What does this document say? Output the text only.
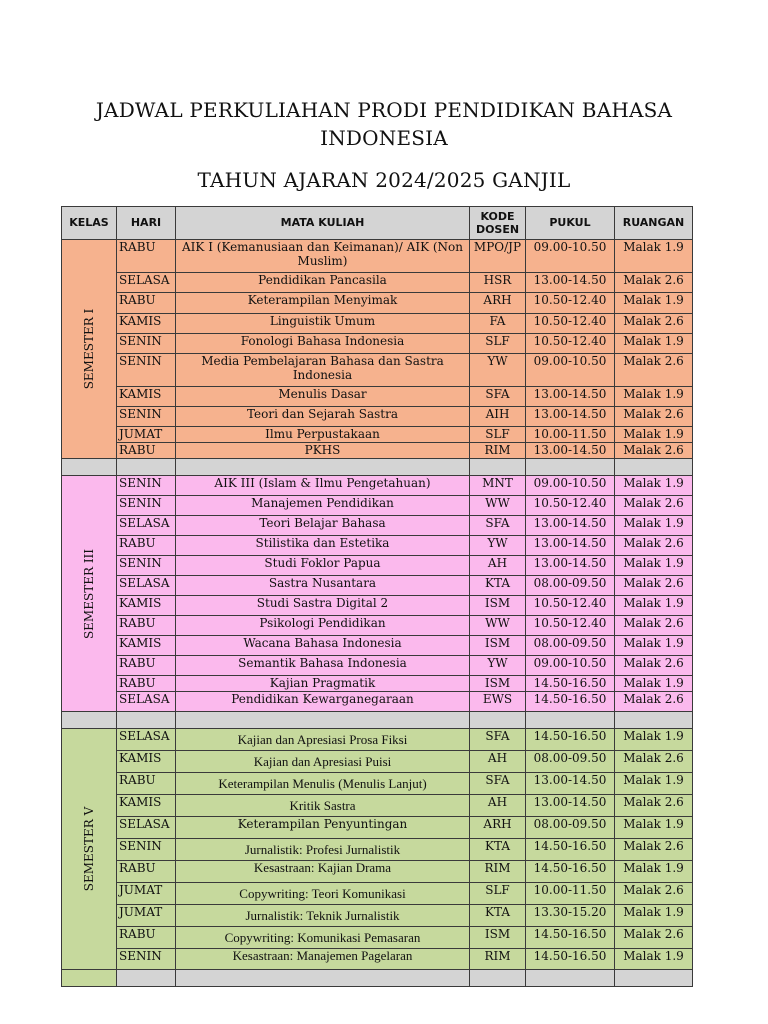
JADWAL PERKULIAHAN PRODI PENDIDIKAN BAHASA
INDONESIA
TAHUN AJARAN 2024/2025 GANJIL
KELAS	HARI	MATA KULIAH	KODE DOSEN	PUKUL	RUANGAN

SEMESTER I	RABU	AIK I (Kemanusiaan dan Keimanan)/ AIK (Non Muslim)	MPO/JP	09.00-10.50	Malak 1.9
	SELASA	Pendidikan Pancasila	HSR	13.00-14.50	Malak 2.6
	RABU	Keterampilan Menyimak	ARH	10.50-12.40	Malak 1.9
	KAMIS	Linguistik Umum	FA	10.50-12.40	Malak 2.6
	SENIN	Fonologi Bahasa Indonesia	SLF	10.50-12.40	Malak 1.9
	SENIN	Media Pembelajaran Bahasa dan Sastra Indonesia	YW	09.00-10.50	Malak 2.6
	KAMIS	Menulis Dasar	SFA	13.00-14.50	Malak 1.9
	SENIN	Teori dan Sejarah Sastra	AIH	13.00-14.50	Malak 2.6
	JUMAT	Ilmu Perpustakaan	SLF	10.00-11.50	Malak 1.9
	RABU	PKHS	RIM	13.00-14.50	Malak 2.6

SEMESTER III	SENIN	AIK III (Islam & Ilmu Pengetahuan)	MNT	09.00-10.50	Malak 1.9
	SENIN	Manajemen Pendidikan	WW	10.50-12.40	Malak 2.6
	SELASA	Teori Belajar Bahasa	SFA	13.00-14.50	Malak 1.9
	RABU	Stilistika dan Estetika	YW	13.00-14.50	Malak 2.6
	SENIN	Studi Foklor Papua	AH	13.00-14.50	Malak 1.9
	SELASA	Sastra Nusantara	KTA	08.00-09.50	Malak 2.6
	KAMIS	Studi Sastra Digital 2	ISM	10.50-12.40	Malak 1.9
	RABU	Psikologi Pendidikan	WW	10.50-12.40	Malak 2.6
	KAMIS	Wacana Bahasa Indonesia	ISM	08.00-09.50	Malak 1.9
	RABU	Semantik Bahasa Indonesia	YW	09.00-10.50	Malak 2.6
	RABU	Kajian Pragmatik	ISM	14.50-16.50	Malak 1.9
	SELASA	Pendidikan Kewarganegaraan	EWS	14.50-16.50	Malak 2.6

SEMESTER V	SELASA	Kajian dan Apresiasi Prosa Fiksi	SFA	14.50-16.50	Malak 1.9
	KAMIS	Kajian dan Apresiasi Puisi	AH	08.00-09.50	Malak 2.6
	RABU	Keterampilan Menulis (Menulis Lanjut)	SFA	13.00-14.50	Malak 1.9
	KAMIS	Kritik Sastra	AH	13.00-14.50	Malak 2.6
	SELASA	Keterampilan Penyuntingan	ARH	08.00-09.50	Malak 1.9
	SENIN	Jurnalistik: Profesi Jurnalistik	KTA	14.50-16.50	Malak 2.6
	RABU	Kesastraan: Kajian Drama	RIM	14.50-16.50	Malak 1.9
	JUMAT	Copywriting: Teori Komunikasi	SLF	10.00-11.50	Malak 2.6
	JUMAT	Jurnalistik: Teknik Jurnalistik	KTA	13.30-15.20	Malak 1.9
	RABU	Copywriting: Komunikasi Pemasaran	ISM	14.50-16.50	Malak 2.6
	SENIN	Kesastraan: Manajemen Pagelaran	RIM	14.50-16.50	Malak 1.9
